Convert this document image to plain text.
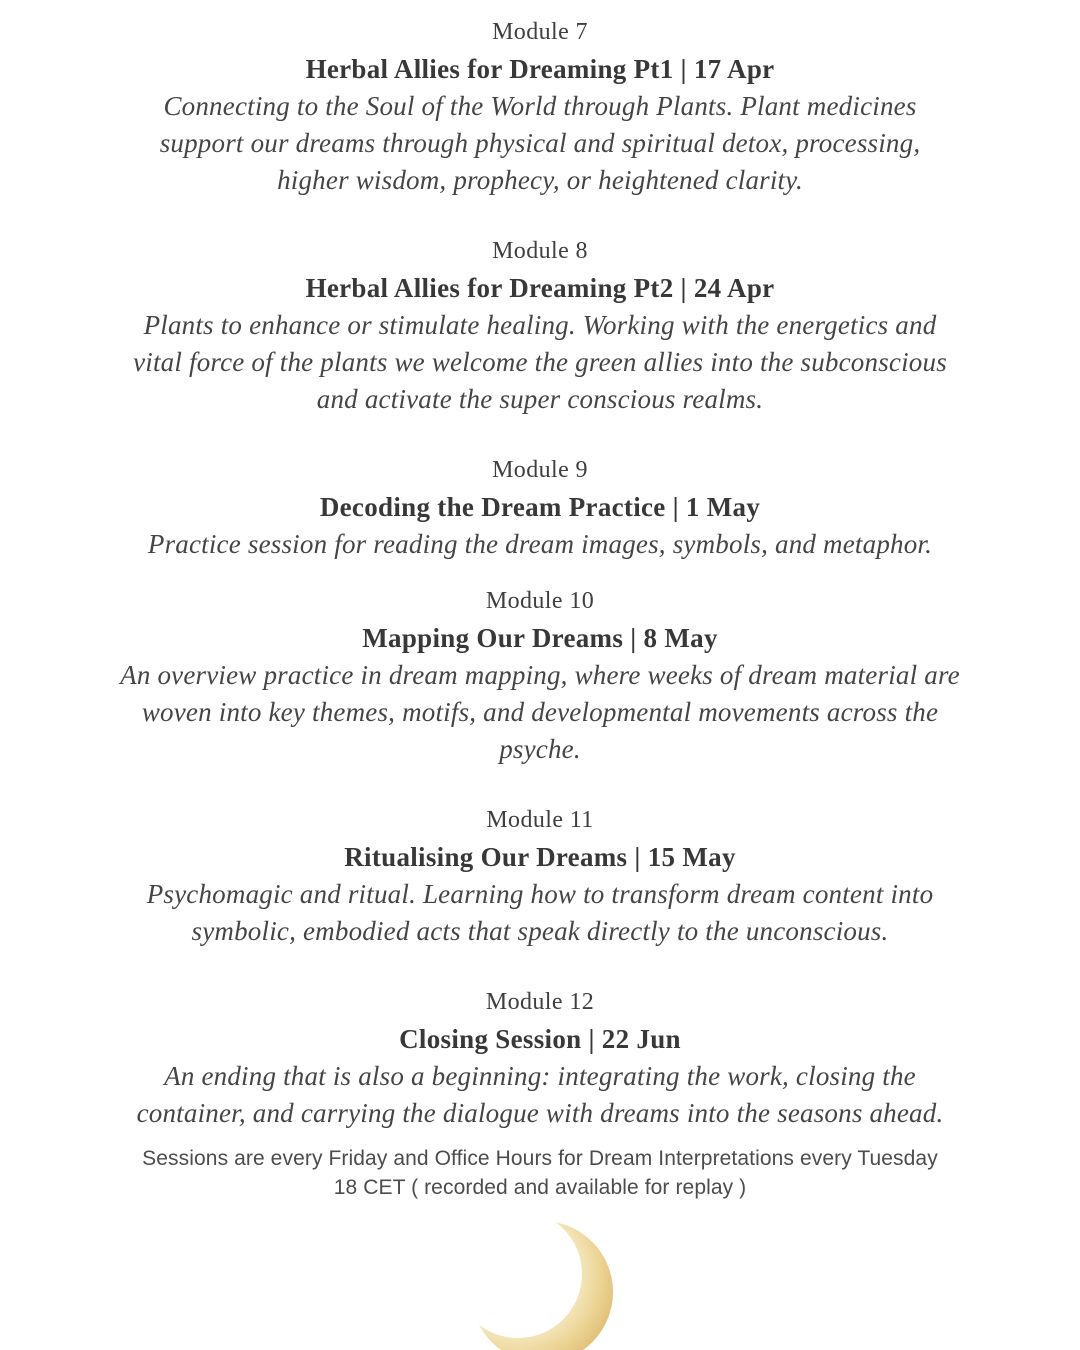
Module 7
Herbal Allies for Dreaming Pt1 | 17 Apr

Connecting to the Soul of the World through Plants. Plant medicines
support our dreams through physical and spiritual detox, processing,
higher wisdom, prophecy, or heightened clarity.

Module 8
Herbal Allies for Dreaming Pt2 | 24 Apr

Plants to enhance or stimulate healing. Working with the energetics and
vital force of the plants we welcome the green allies into the subconscious
and activate the super conscious realms.

Module 9
Decoding the Dream Practice | 1 May

Practice session for reading the dream images, symbols, and metaphor.

Module 10
Mapping Our Dreams | 8 May

An overview practice in dream mapping, where weeks of dream material are
woven into key themes, motifs, and developmental movements across the
psyche.

Module 11
Ritualising Our Dreams | 15 May

Psychomagic and ritual. Learning how to transform dream content into
symbolic, embodied acts that speak directly to the unconscious.

Module 12
Closing Session | 22 Jun

An ending that is also a beginning: integrating the work, closing the
container, and carrying the dialogue with dreams into the seasons ahead.

Sessions are every Friday and Office Hours for Dream Interpretations every Tuesday
18 CET ( recorded and available for replay )
